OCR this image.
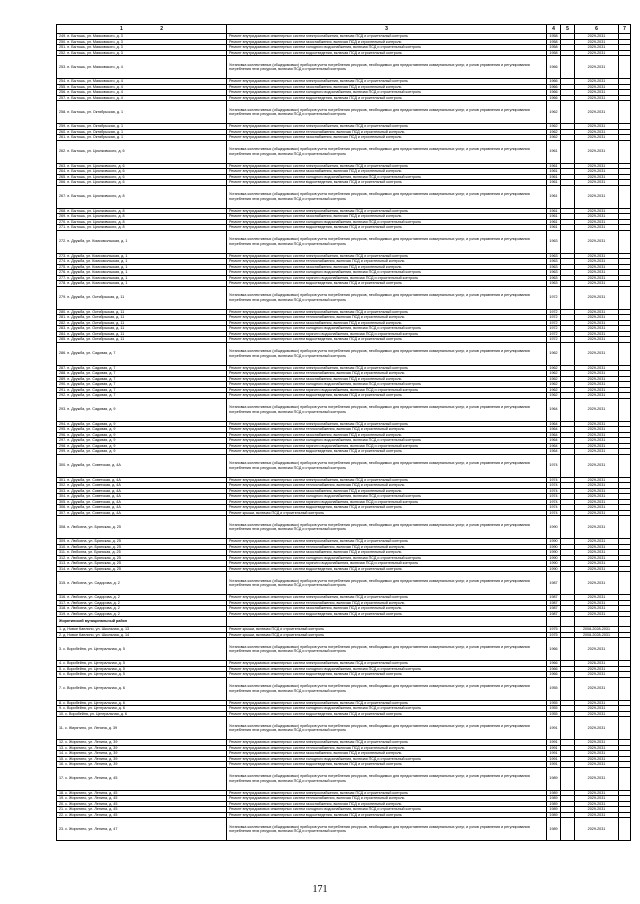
1 2	3	4	5	6	7
249. п. Бытошь, ул. Маяковского, д. 3	Ремонт внутридомовых инженерных систем электроснабжения, включая ПСД и строительный контроль	1958		2029-2031	
250. п. Бытошь, ул. Маяковского, д. 3	Ремонт внутридомовых инженерных систем газоснабжения, включая ПСД и строительный контроль	1958		2029-2031	
251. п. Бытошь, ул. Маяковского, д. 3	Ремонт внутридомовых инженерных систем холодного водоснабжения, включая ПСД и строительный контроль	1958		2029-2031	
252. п. Бытошь, ул. Маяковского, д. 3	Ремонт внутридомовых инженерных систем водоотведения, включая ПСД и строительный контроль	1958		2029-2031	
253. п. Бытошь, ул. Маяковского, д. 4	Установка коллективных (общедомовых) приборов учета потребления ресурсов, необходимых для предоставления коммунальных услуг, и узлов управления и регулирования потребления этих ресурсов, включая ПСД и строительный контроль	1966		2029-2031	
254. п. Бытошь, ул. Маяковского, д. 4	Ремонт внутридомовых инженерных систем электроснабжения, включая ПСД и строительный контроль	1966		2029-2031	
255. п. Бытошь, ул. Маяковского, д. 4	Ремонт внутридомовых инженерных систем газоснабжения, включая ПСД и строительный контроль	1966		2029-2031	
256. п. Бытошь, ул. Маяковского, д. 4	Ремонт внутридомовых инженерных систем холодного водоснабжения, включая ПСД и строительный контроль	1966		2029-2031	
257. п. Бытошь, ул. Маяковского, д. 4	Ремонт внутридомовых инженерных систем водоотведения, включая ПСД и строительный контроль	1966		2029-2031	
258. п. Бытошь, ул. Октябрьская, д. 1	Установка коллективных (общедомовых) приборов учета потребления ресурсов, необходимых для предоставления коммунальных услуг, и узлов управления и регулирования потребления этих ресурсов, включая ПСД и строительный контроль	1962		2029-2031	
259. п. Бытошь, ул. Октябрьская, д. 1	Ремонт внутридомовых инженерных систем электроснабжения, включая ПСД и строительный контроль	1962		2029-2031	
260. п. Бытошь, ул. Октябрьская, д. 1	Ремонт внутридомовых инженерных систем теплоснабжения, включая ПСД и строительный контроль	1962		2029-2031	
261. п. Бытошь, ул. Октябрьская, д. 1	Ремонт внутридомовых инженерных систем газоснабжения, включая ПСД и строительный контроль	1962		2029-2031	
262. п. Бытошь, ул. Циолковского, д. 6	Установка коллективных (общедомовых) приборов учета потребления ресурсов, необходимых для предоставления коммунальных услуг, и узлов управления и регулирования потребления этих ресурсов, включая ПСД и строительный контроль	1961		2029-2031	
263. п. Бытошь, ул. Циолковского, д. 6	Ремонт внутридомовых инженерных систем электроснабжения, включая ПСД и строительный контроль	1961		2029-2031	
264. п. Бытошь, ул. Циолковского, д. 6	Ремонт внутридомовых инженерных систем газоснабжения, включая ПСД и строительный контроль	1961		2029-2031	
265. п. Бытошь, ул. Циолковского, д. 6	Ремонт внутридомовых инженерных систем холодного водоснабжения, включая ПСД и строительный контроль	1961		2029-2031	
266. п. Бытошь, ул. Циолковского, д. 6	Ремонт внутридомовых инженерных систем водоотведения, включая ПСД и строительный контроль	1961		2029-2031	
267. п. Бытошь, ул. Циолковского, д. 8	Установка коллективных (общедомовых) приборов учета потребления ресурсов, необходимых для предоставления коммунальных услуг, и узлов управления и регулирования потребления этих ресурсов, включая ПСД и строительный контроль	1961		2029-2031	
268. п. Бытошь, ул. Циолковского, д. 8	Ремонт внутридомовых инженерных систем электроснабжения, включая ПСД и строительный контроль	1961		2029-2031	
269. п. Бытошь, ул. Циолковского, д. 8	Ремонт внутридомовых инженерных систем газоснабжения, включая ПСД и строительный контроль	1961		2029-2031	
270. п. Бытошь, ул. Циолковского, д. 8	Ремонт внутридомовых инженерных систем холодного водоснабжения, включая ПСД и строительный контроль	1961		2029-2031	
271. п. Бытошь, ул. Циолковского, д. 8	Ремонт внутридомовых инженерных систем водоотведения, включая ПСД и строительный контроль	1961		2029-2031	
272. п. Дружба, ул. Комсомольская, д. 1	Установка коллективных (общедомовых) приборов учета потребления ресурсов, необходимых для предоставления коммунальных услуг, и узлов управления и регулирования потребления этих ресурсов, включая ПСД и строительный контроль	1963		2029-2031	
273. п. Дружба, ул. Комсомольская, д. 1	Ремонт внутридомовых инженерных систем электроснабжения, включая ПСД и строительный контроль	1963		2029-2031	
274. п. Дружба, ул. Комсомольская, д. 1	Ремонт внутридомовых инженерных систем теплоснабжения, включая ПСД и строительный контроль	1963		2029-2031	
275. п. Дружба, ул. Комсомольская, д. 1	Ремонт внутридомовых инженерных систем газоснабжения, включая ПСД и строительный контроль	1963		2029-2031	
276. п. Дружба, ул. Комсомольская, д. 1	Ремонт внутридомовых инженерных систем холодного водоснабжения, включая ПСД и строительный контроль	1963		2029-2031	
277. п. Дружба, ул. Комсомольская, д. 1	Ремонт внутридомовых инженерных систем горячего водоснабжения, включая ПСД и строительный контроль	1963		2029-2031	
278. п. Дружба, ул. Комсомольская, д. 1	Ремонт внутридомовых инженерных систем водоотведения, включая ПСД и строительный контроль	1963		2029-2031	
279. п. Дружба, ул. Октябрьская, д. 11	Установка коллективных (общедомовых) приборов учета потребления ресурсов, необходимых для предоставления коммунальных услуг, и узлов управления и регулирования потребления этих ресурсов, включая ПСД и строительный контроль	1972		2029-2031	
280. п. Дружба, ул. Октябрьская, д. 11	Ремонт внутридомовых инженерных систем электроснабжения, включая ПСД и строительный контроль	1972		2029-2031	
281. п. Дружба, ул. Октябрьская, д. 11	Ремонт внутридомовых инженерных систем теплоснабжения, включая ПСД и строительный контроль	1972		2029-2031	
282. п. Дружба, ул. Октябрьская, д. 11	Ремонт внутридомовых инженерных систем газоснабжения, включая ПСД и строительный контроль	1972		2029-2031	
283. п. Дружба, ул. Октябрьская, д. 11	Ремонт внутридомовых инженерных систем холодного водоснабжения, включая ПСД и строительный контроль	1972		2029-2031	
284. п. Дружба, ул. Октябрьская, д. 11	Ремонт внутридомовых инженерных систем горячего водоснабжения, включая ПСД и строительный контроль	1972		2029-2031	
285. п. Дружба, ул. Октябрьская, д. 11	Ремонт внутридомовых инженерных систем водоотведения, включая ПСД и строительный контроль	1972		2029-2031	
286. п. Дружба, ул. Садовая, д. 7	Установка коллективных (общедомовых) приборов учета потребления ресурсов, необходимых для предоставления коммунальных услуг, и узлов управления и регулирования потребления этих ресурсов, включая ПСД и строительный контроль	1962		2029-2031	
287. п. Дружба, ул. Садовая, д. 7	Ремонт внутридомовых инженерных систем электроснабжения, включая ПСД и строительный контроль	1962		2029-2031	
288. п. Дружба, ул. Садовая, д. 7	Ремонт внутридомовых инженерных систем теплоснабжения, включая ПСД и строительный контроль	1962		2029-2031	
289. п. Дружба, ул. Садовая, д. 7	Ремонт внутридомовых инженерных систем газоснабжения, включая ПСД и строительный контроль	1962		2029-2031	
290. п. Дружба, ул. Садовая, д. 7	Ремонт внутридомовых инженерных систем холодного водоснабжения, включая ПСД и строительный контроль	1962		2029-2031	
291. п. Дружба, ул. Садовая, д. 7	Ремонт внутридомовых инженерных систем горячего водоснабжения, включая ПСД и строительный контроль	1962		2029-2031	
292. п. Дружба, ул. Садовая, д. 7	Ремонт внутридомовых инженерных систем водоотведения, включая ПСД и строительный контроль	1962		2029-2031	
293. п. Дружба, ул. Садовая, д. 9	Установка коллективных (общедомовых) приборов учета потребления ресурсов, необходимых для предоставления коммунальных услуг, и узлов управления и регулирования потребления этих ресурсов, включая ПСД и строительный контроль	1964		2029-2031	
294. п. Дружба, ул. Садовая, д. 9	Ремонт внутридомовых инженерных систем электроснабжения, включая ПСД и строительный контроль	1964		2029-2031	
295. п. Дружба, ул. Садовая, д. 9	Ремонт внутридомовых инженерных систем теплоснабжения, включая ПСД и строительный контроль	1964		2029-2031	
296. п. Дружба, ул. Садовая, д. 9	Ремонт внутридомовых инженерных систем газоснабжения, включая ПСД и строительный контроль	1964		2029-2031	
297. п. Дружба, ул. Садовая, д. 9	Ремонт внутридомовых инженерных систем холодного водоснабжения, включая ПСД и строительный контроль	1964		2029-2031	
298. п. Дружба, ул. Садовая, д. 9	Ремонт внутридомовых инженерных систем горячего водоснабжения, включая ПСД и строительный контроль	1964		2029-2031	
299. п. Дружба, ул. Садовая, д. 9	Ремонт внутридомовых инженерных систем водоотведения, включая ПСД и строительный контроль	1964		2029-2031	
300. п. Дружба, ул. Советская, д. 4А	Установка коллективных (общедомовых) приборов учета потребления ресурсов, необходимых для предоставления коммунальных услуг, и узлов управления и регулирования потребления этих ресурсов, включая ПСД и строительный контроль	1974		2029-2031	
301. п. Дружба, ул. Советская, д. 4А	Ремонт внутридомовых инженерных систем электроснабжения, включая ПСД и строительный контроль	1974		2029-2031	
302. п. Дружба, ул. Советская, д. 4А	Ремонт внутридомовых инженерных систем теплоснабжения, включая ПСД и строительный контроль	1974		2029-2031	
303. п. Дружба, ул. Советская, д. 4А	Ремонт внутридомовых инженерных систем газоснабжения, включая ПСД и строительный контроль	1974		2029-2031	
304. п. Дружба, ул. Советская, д. 4А	Ремонт внутридомовых инженерных систем холодного водоснабжения, включая ПСД и строительный контроль	1974		2029-2031	
305. п. Дружба, ул. Советская, д. 4А	Ремонт внутридомовых инженерных систем горячего водоснабжения, включая ПСД и строительный контроль	1974		2029-2031	
306. п. Дружба, ул. Советская, д. 4А	Ремонт внутридомовых инженерных систем водоотведения, включая ПСД и строительный контроль	1974		2029-2031	
307. п. Дружба, ул. Советская, д. 4А	Ремонт крыши, включая ПСД и строительный контроль	1974		2029-2031	
308. п. Любохна, ул. Брянская, д. 25	Установка коллективных (общедомовых) приборов учета потребления ресурсов, необходимых для предоставления коммунальных услуг, и узлов управления и регулирования потребления этих ресурсов, включая ПСД и строительный контроль	1990		2029-2031	
309. п. Любохна, ул. Брянская, д. 25	Ремонт внутридомовых инженерных систем электроснабжения, включая ПСД и строительный контроль	1990		2029-2031	
310. п. Любохна, ул. Брянская, д. 25	Ремонт внутридомовых инженерных систем теплоснабжения, включая ПСД и строительный контроль	1990		2029-2031	
311. п. Любохна, ул. Брянская, д. 25	Ремонт внутридомовых инженерных систем газоснабжения, включая ПСД и строительный контроль	1990		2029-2031	
312. п. Любохна, ул. Брянская, д. 25	Ремонт внутридомовых инженерных систем холодного водоснабжения, включая ПСД и строительный контроль	1990		2029-2031	
313. п. Любохна, ул. Брянская, д. 25	Ремонт внутридомовых инженерных систем горячего водоснабжения, включая ПСД и строительный контроль	1990		2029-2031	
314. п. Любохна, ул. Брянская, д. 25	Ремонт внутридомовых инженерных систем водоотведения, включая ПСД и строительный контроль	1990		2029-2031	
315. п. Любохна, ул. Сидорова, д. 2	Установка коллективных (общедомовых) приборов учета потребления ресурсов, необходимых для предоставления коммунальных услуг, и узлов управления и регулирования потребления этих ресурсов, включая ПСД и строительный контроль	1987		2029-2031	
316. п. Любохна, ул. Сидорова, д. 2	Ремонт внутридомовых инженерных систем электроснабжения, включая ПСД и строительный контроль	1987		2029-2031	
317. п. Любохна, ул. Сидорова, д. 2	Ремонт внутридомовых инженерных систем теплоснабжения, включая ПСД и строительный контроль	1987		2029-2031	
318. п. Любохна, ул. Сидорова, д. 2	Ремонт внутридомовых инженерных систем газоснабжения, включая ПСД и строительный контроль	1987		2029-2031	
319. п. Любохна, ул. Сидорова, д. 2	Ремонт внутридомовых инженерных систем водоотведения, включая ПСД и строительный контроль	1987		2029-2031	
Жирятинский муниципальный район					
1. д. Новое Каплино, ул. Школьная, д. 13	Ремонт крыши, включая ПСД и строительный контроль	1975		2008-2028-2031	
2. д. Новое Каплино, ул. Школьная, д. 14	Ремонт крыши, включая ПСД и строительный контроль	1975		2008-2028-2031	
3. с. Воробейня, ул. Центральная, д. 5	Установка коллективных (общедомовых) приборов учета потребления ресурсов, необходимых для предоставления коммунальных услуг, и узлов управления и регулирования потребления этих ресурсов, включая ПСД и строительный контроль	1966		2029-2031	
4. с. Воробейня, ул. Центральная, д. 5	Ремонт внутридомовых инженерных систем электроснабжения, включая ПСД и строительный контроль	1966		2026-2031	
5. с. Воробейня, ул. Центральная, д. 5	Ремонт внутридомовых инженерных систем холодного водоснабжения, включая ПСД и строительный контроль	1966		2029-2031	
6. с. Воробейня, ул. Центральная, д. 5	Ремонт внутридомовых инженерных систем водоотведения, включая ПСД и строительный контроль	1966		2029-2031	
7. с. Воробейня, ул. Центральная, д. 6	Установка коллективных (общедомовых) приборов учета потребления ресурсов, необходимых для предоставления коммунальных услуг, и узлов управления и регулирования потребления этих ресурсов, включая ПСД и строительный контроль	1955		2029-2031	
8. с. Воробейня, ул. Центральная, д. 6	Ремонт внутридомовых инженерных систем электроснабжения, включая ПСД и строительный контроль	1955		2029-2031	
9. с. Воробейня, ул. Центральная, д. 6	Ремонт внутридомовых инженерных систем холодного водоснабжения, включая ПСД и строительный контроль	1955		2029-2031	
10. с. Воробейня, ул. Центральная, д. 6	Ремонт внутридомовых инженерных систем водоотведения, включая ПСД и строительный контроль	1955		2029-2031	
11. с. Жирятино, ул. Ленина, д. 39	Установка коллективных (общедомовых) приборов учета потребления ресурсов, необходимых для предоставления коммунальных услуг, и узлов управления и регулирования потребления этих ресурсов, включая ПСД и строительный контроль	1991		2029-2031	
12. с. Жирятино, ул. Ленина, д. 39	Ремонт внутридомовых инженерных систем электроснабжения, включая ПСД и строительный контроль	1991		2029-2031	
13. с. Жирятино, ул. Ленина, д. 39	Ремонт внутридомовых инженерных систем теплоснабжения, включая ПСД и строительный контроль	1991		2029-2031	
14. с. Жирятино, ул. Ленина, д. 39	Ремонт внутридомовых инженерных систем газоснабжения, включая ПСД и строительный контроль	1991		2029-2031	
15. с. Жирятино, ул. Ленина, д. 39	Ремонт внутридомовых инженерных систем холодного водоснабжения, включая ПСД и строительный контроль	1991		2029-2031	
16. с. Жирятино, ул. Ленина, д. 39	Ремонт внутридомовых инженерных систем водоотведения, включая ПСД и строительный контроль	1991		2029-2031	
17. с. Жирятино, ул. Ленина, д. 45	Установка коллективных (общедомовых) приборов учета потребления ресурсов, необходимых для предоставления коммунальных услуг, и узлов управления и регулирования потребления этих ресурсов, включая ПСД и строительный контроль	1989		2029-2031	
18. с. Жирятино, ул. Ленина, д. 45	Ремонт внутридомовых инженерных систем электроснабжения, включая ПСД и строительный контроль	1989		2029-2031	
19. с. Жирятино, ул. Ленина, д. 45	Ремонт внутридомовых инженерных систем теплоснабжения, включая ПСД и строительный контроль	1989		2029-2031	
20. с. Жирятино, ул. Ленина, д. 45	Ремонт внутридомовых инженерных систем газоснабжения, включая ПСД и строительный контроль	1989		2029-2031	
21. с. Жирятино, ул. Ленина, д. 45	Ремонт внутридомовых инженерных систем холодного водоснабжения, включая ПСД и строительный контроль	1989		2029-2031	
22. с. Жирятино, ул. Ленина, д. 45	Ремонт внутридомовых инженерных систем водоотведения, включая ПСД и строительный контроль	1989		2029-2031	
23. с. Жирятино, ул. Ленина, д. 47	Установка коллективных (общедомовых) приборов учета потребления ресурсов, необходимых для предоставления коммунальных услуг, и узлов управления и регулирования потребления этих ресурсов, включая ПСД и строительный контроль	1989		2029-2031	
171
